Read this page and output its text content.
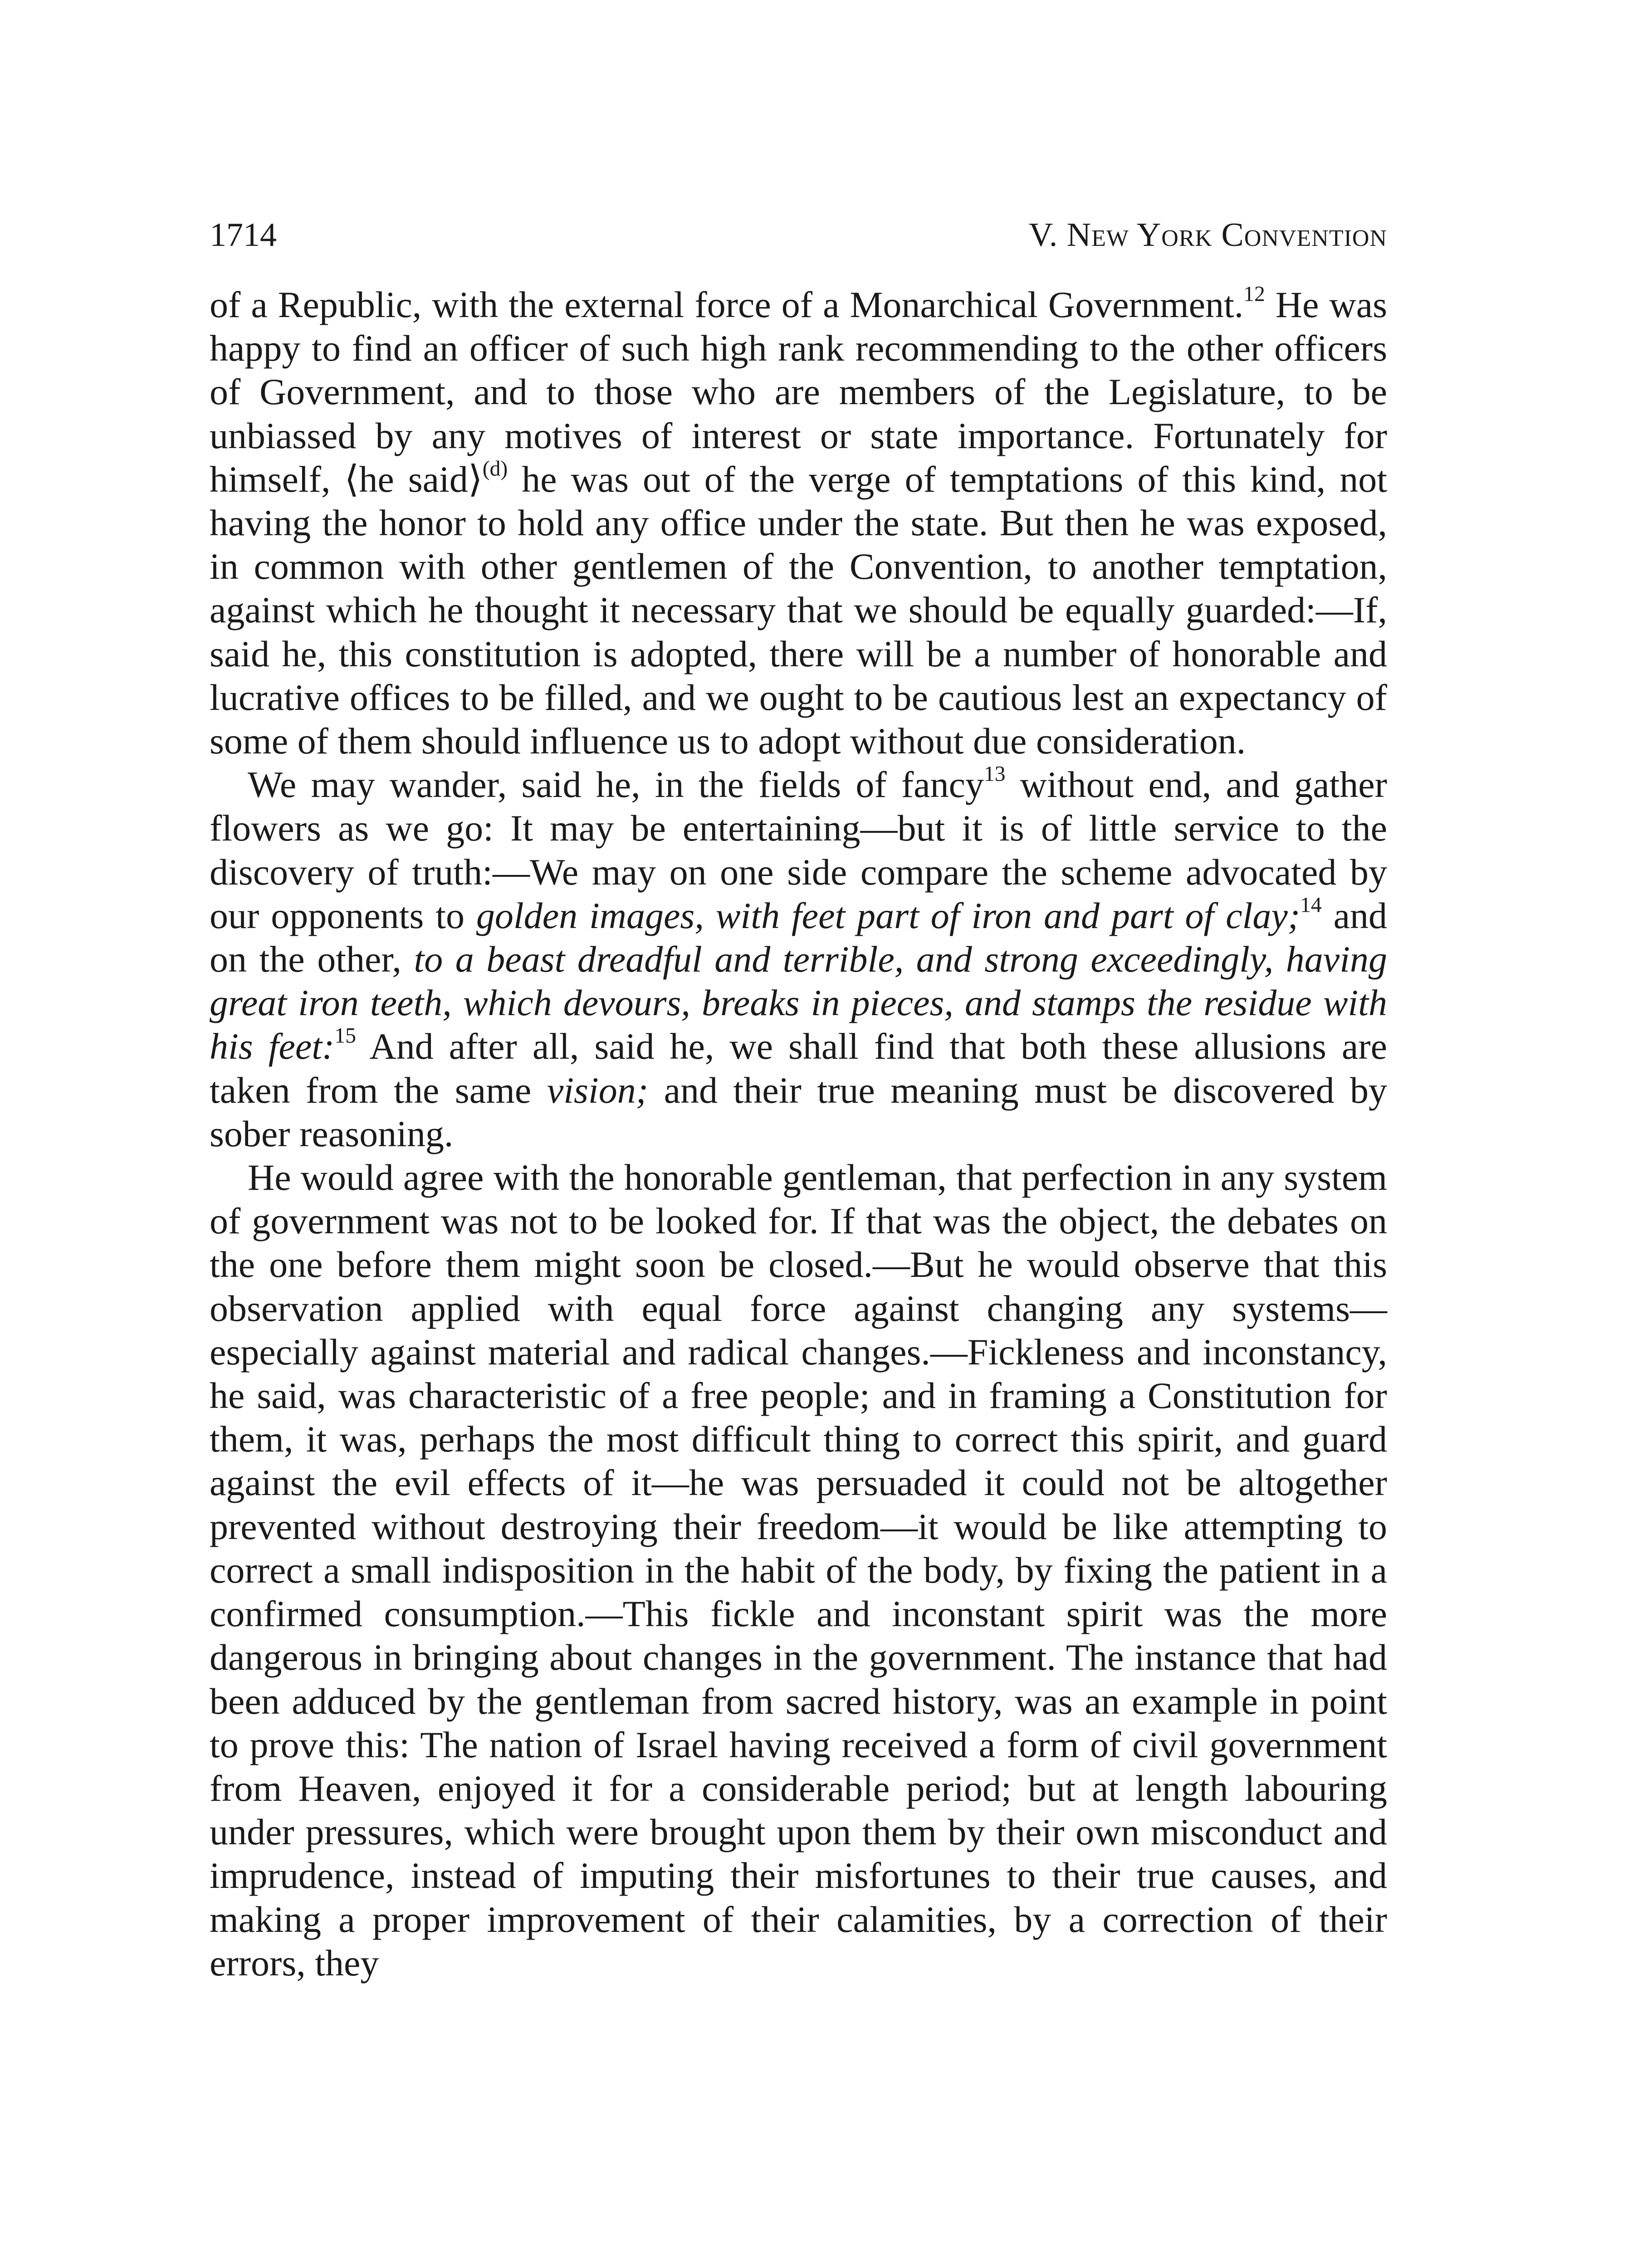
1714	V. New York Convention

of a Republic, with the external force of a Monarchical Government.$^{12}$ He was happy to find an officer of such high rank recommending to the other officers of Government, and to those who are members of the Legislature, to be unbiassed by any motives of interest or state importance. Fortunately for himself, ⟨he said⟩$^{(d)}$ he was out of the verge of temptations of this kind, not having the honor to hold any office under the state. But then he was exposed, in common with other gentlemen of the Convention, to another temptation, against which he thought it necessary that we should be equally guarded:—If, said he, this constitution is adopted, there will be a number of honorable and lucrative offices to be filled, and we ought to be cautious lest an expectancy of some of them should influence us to adopt without due consideration.

We may wander, said he, in the fields of fancy$^{13}$ without end, and gather flowers as we go: It may be entertaining—but it is of little service to the discovery of truth:—We may on one side compare the scheme advocated by our opponents to golden images, with feet part of iron and part of clay;$^{14}$ and on the other, to a beast dreadful and terrible, and strong exceedingly, having great iron teeth, which devours, breaks in pieces, and stamps the residue with his feet:$^{15}$ And after all, said he, we shall find that both these allusions are taken from the same vision; and their true meaning must be discovered by sober reasoning.

He would agree with the honorable gentleman, that perfection in any system of government was not to be looked for. If that was the object, the debates on the one before them might soon be closed.—But he would observe that this observation applied with equal force against changing any systems—especially against material and radical changes.—Fickleness and inconstancy, he said, was characteristic of a free people; and in framing a Constitution for them, it was, perhaps the most difficult thing to correct this spirit, and guard against the evil effects of it—he was persuaded it could not be altogether prevented without destroying their freedom—it would be like attempting to correct a small indisposition in the habit of the body, by fixing the patient in a confirmed consumption.—This fickle and inconstant spirit was the more dangerous in bringing about changes in the government. The instance that had been adduced by the gentleman from sacred history, was an example in point to prove this: The nation of Israel having received a form of civil government from Heaven, enjoyed it for a considerable period; but at length labouring under pressures, which were brought upon them by their own misconduct and imprudence, instead of imputing their misfortunes to their true causes, and making a proper improvement of their calamities, by a correction of their errors, they
